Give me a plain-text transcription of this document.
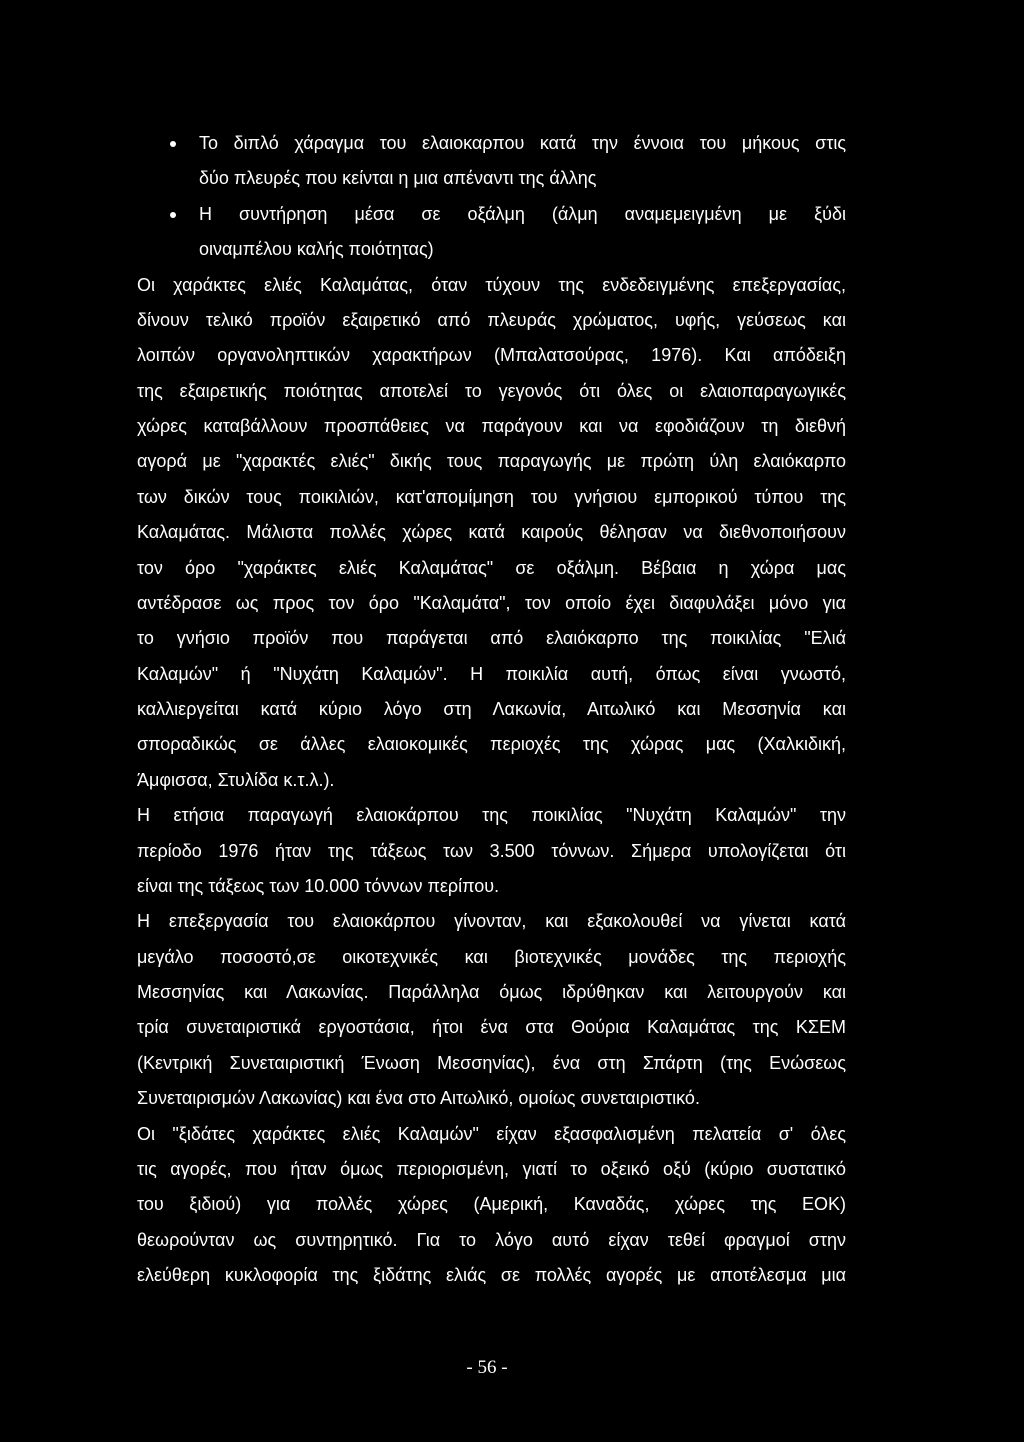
Το διπλό χάραγμα του ελαιοκαρπου κατά την έννοια του μήκους στις
δύο πλευρές που κείνται η μια απέναντι της άλλης
Η συντήρηση μέσα σε οξάλμη (άλμη αναμεμειγμένη με ξύδι
οιναμπέλου καλής ποιότητας)
Οι χαράκτες ελιές Καλαμάτας, όταν τύχουν της ενδεδειγμένης επεξεργασίας,
δίνουν τελικό προϊόν εξαιρετικό από πλευράς χρώματος, υφής, γεύσεως και
λοιπών οργανοληπτικών χαρακτήρων (Μπαλατσούρας, 1976). Και απόδειξη
της εξαιρετικής ποιότητας αποτελεί το γεγονός ότι όλες οι ελαιοπαραγωγικές
χώρες καταβάλλουν προσπάθειες να παράγουν και να εφοδιάζουν τη διεθνή
αγορά με "χαρακτές ελιές" δικής τους παραγωγής με πρώτη ύλη ελαιόκαρπο
των δικών τους ποικιλιών, κατ'απομίμηση του γνήσιου εμπορικού τύπου της
Καλαμάτας. Μάλιστα πολλές χώρες κατά καιρούς θέλησαν να διεθνοποιήσουν
τον όρο "χαράκτες ελιές Καλαμάτας" σε οξάλμη. Βέβαια η χώρα μας
αντέδρασε ως προς τον όρο "Καλαμάτα", τον οποίο έχει διαφυλάξει μόνο για
το γνήσιο προϊόν που παράγεται από ελαιόκαρπο της ποικιλίας "Ελιά
Καλαμών" ή "Νυχάτη Καλαμών". Η ποικιλία αυτή, όπως είναι γνωστό,
καλλιεργείται κατά κύριο λόγο στη Λακωνία, Αιτωλικό και Μεσσηνία και
σποραδικώς σε άλλες ελαιοκομικές περιοχές της χώρας μας (Χαλκιδική,
Άμφισσα, Στυλίδα κ.τ.λ.).
Η ετήσια παραγωγή ελαιοκάρπου της ποικιλίας "Νυχάτη Καλαμών" την
περίοδο 1976 ήταν της τάξεως των 3.500 τόννων. Σήμερα υπολογίζεται ότι
είναι της τάξεως των 10.000 τόννων περίπου.
Η επεξεργασία του ελαιοκάρπου γίνονταν, και εξακολουθεί να γίνεται κατά
μεγάλο ποσοστό,σε οικοτεχνικές και βιοτεχνικές μονάδες της περιοχής
Μεσσηνίας και Λακωνίας. Παράλληλα όμως ιδρύθηκαν και λειτουργούν και
τρία συνεταιριστικά εργοστάσια, ήτοι ένα στα Θούρια Καλαμάτας της ΚΣΕΜ
(Κεντρική Συνεταιριστική Ένωση Μεσσηνίας), ένα στη Σπάρτη (της Ενώσεως
Συνεταιρισμών Λακωνίας) και ένα στο Αιτωλικό, ομοίως συνεταιριστικό.
Οι "ξιδάτες χαράκτες ελιές Καλαμών" είχαν εξασφαλισμένη πελατεία σ' όλες
τις αγορές, που ήταν όμως περιορισμένη, γιατί το οξεικό οξύ (κύριο συστατικό
του ξιδιού) για πολλές χώρες (Αμερική, Καναδάς, χώρες της ΕΟΚ)
θεωρούνταν ως συντηρητικό. Για το λόγο αυτό είχαν τεθεί φραγμοί στην
ελεύθερη κυκλοφορία της ξιδάτης ελιάς σε πολλές αγορές με αποτέλεσμα μια
- 56 -
